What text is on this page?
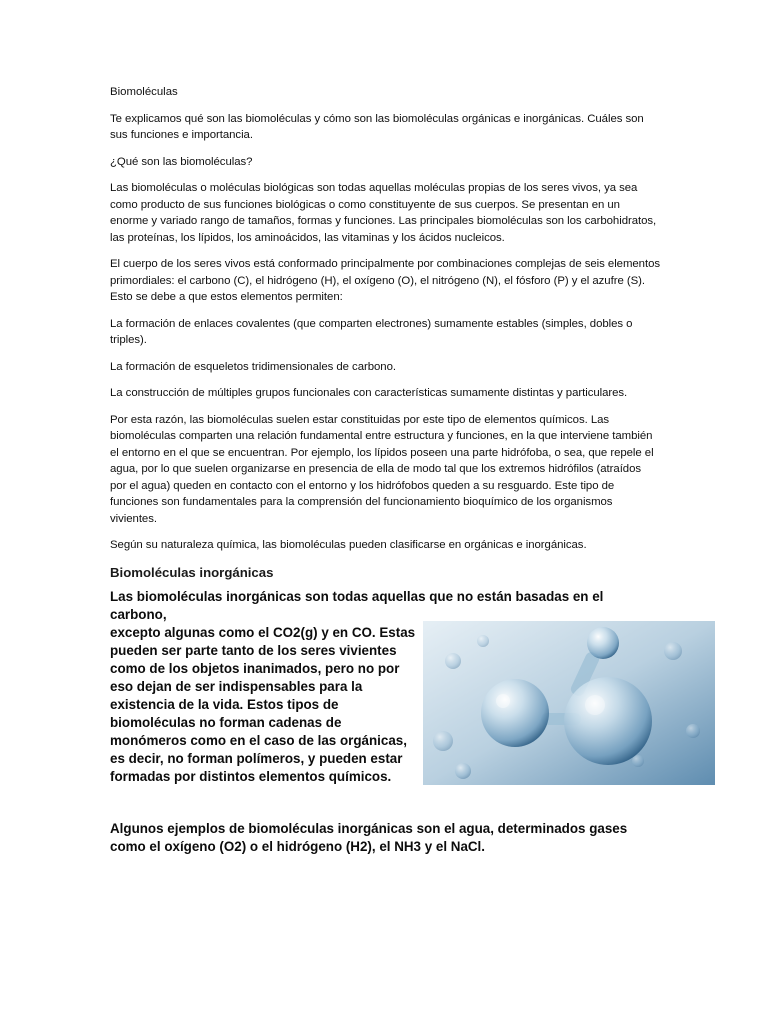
Biomoléculas

Te explicamos qué son las biomoléculas y cómo son las biomoléculas orgánicas e inorgánicas. Cuáles son sus funciones e importancia.

¿Qué son las biomoléculas?

Las biomoléculas o moléculas biológicas son todas aquellas moléculas propias de los seres vivos, ya sea como producto de sus funciones biológicas o como constituyente de sus cuerpos. Se presentan en un enorme y variado rango de tamaños, formas y funciones. Las principales biomoléculas son los carbohidratos, las proteínas, los lípidos, los aminoácidos, las vitaminas y los ácidos nucleicos.

El cuerpo de los seres vivos está conformado principalmente por combinaciones complejas de seis elementos primordiales: el carbono (C), el hidrógeno (H), el oxígeno (O), el nitrógeno (N), el fósforo (P) y el azufre (S). Esto se debe a que estos elementos permiten:

La formación de enlaces covalentes (que comparten electrones) sumamente estables (simples, dobles o triples).

La formación de esqueletos tridimensionales de carbono.

La construcción de múltiples grupos funcionales con características sumamente distintas y particulares.

Por esta razón, las biomoléculas suelen estar constituidas por este tipo de elementos químicos. Las biomoléculas comparten una relación fundamental entre estructura y funciones, en la que interviene también el entorno en el que se encuentran. Por ejemplo, los lípidos poseen una parte hidrófoba, o sea, que repele el agua, por lo que suelen organizarse en presencia de ella de modo tal que los extremos hidrófilos (atraídos por el agua) queden en contacto con el entorno y los hidrófobos queden a su resguardo. Este tipo de funciones son fundamentales para la comprensión del funcionamiento bioquímico de los organismos vivientes.

Según su naturaleza química, las biomoléculas pueden clasificarse en orgánicas e inorgánicas.

Biomoléculas inorgánicas

Las biomoléculas inorgánicas son todas aquellas que no están basadas en el carbono,

excepto algunas como el CO2(g) y en CO. Estas pueden ser parte tanto de los seres vivientes como de los objetos inanimados, pero no por eso dejan de ser indispensables para la existencia de la vida. Estos tipos de biomoléculas no forman cadenas de monómeros como en el caso de las orgánicas, es decir, no forman polímeros, y pueden estar formadas por distintos elementos químicos.

Algunos ejemplos de biomoléculas inorgánicas son el agua, determinados gases como el oxígeno (O2) o el hidrógeno (H2), el NH3 y el NaCl.
